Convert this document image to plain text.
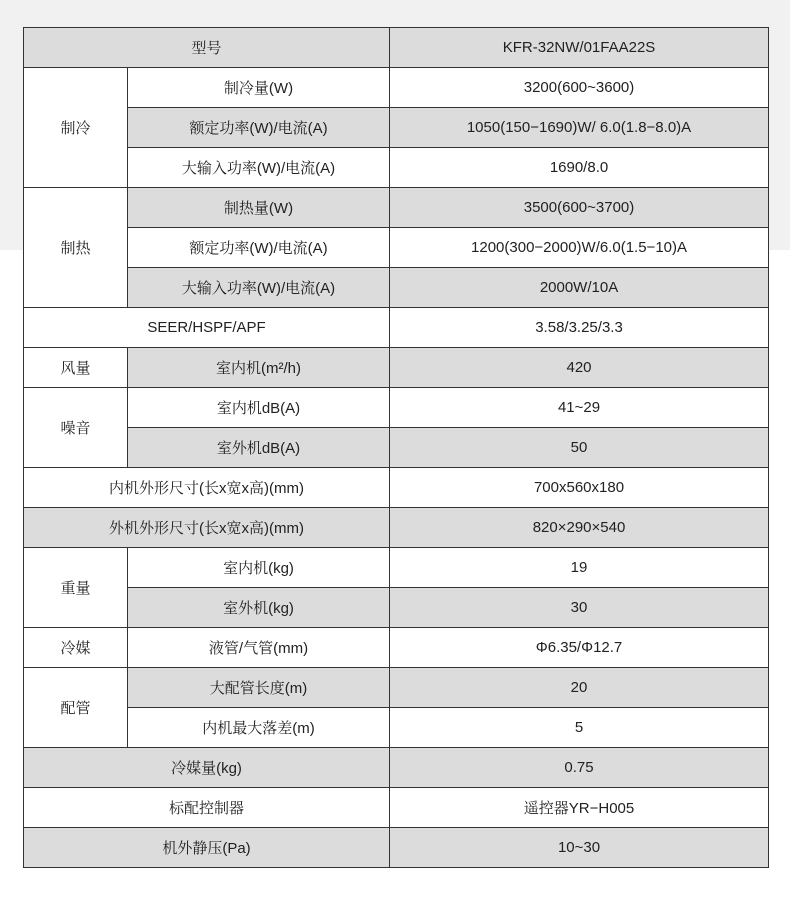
型号		KFR-32NW/01FAA22S
制冷	制冷量(W)	3200(600~3600)
	额定功率(W)/电流(A)	1050(150−1690)W/ 6.0(1.8−8.0)A
	大输入功率(W)/电流(A)	1690/8.0
制热	制热量(W)	3500(600~3700)
	额定功率(W)/电流(A)	1200(300−2000)W/6.0(1.5−10)A
	大输入功率(W)/电流(A)	2000W/10A
SEER/HSPF/APF		3.58/3.25/3.3
风量	室内机(m²/h)	420
噪音	室内机dB(A)	41~29
	室外机dB(A)	50
内机外形尺寸(长x宽x高)(mm)		700x560x180
外机外形尺寸(长x宽x高)(mm)		820×290×540
重量	室内机(kg)	19
	室外机(kg)	30
冷媒	液管/气管(mm)	Φ6.35/Φ12.7
配管	大配管长度(m)	20
	内机最大落差(m)	5
冷媒量(kg)		0.75
标配控制器		遥控器YR−H005
机外静压(Pa)		10~30
